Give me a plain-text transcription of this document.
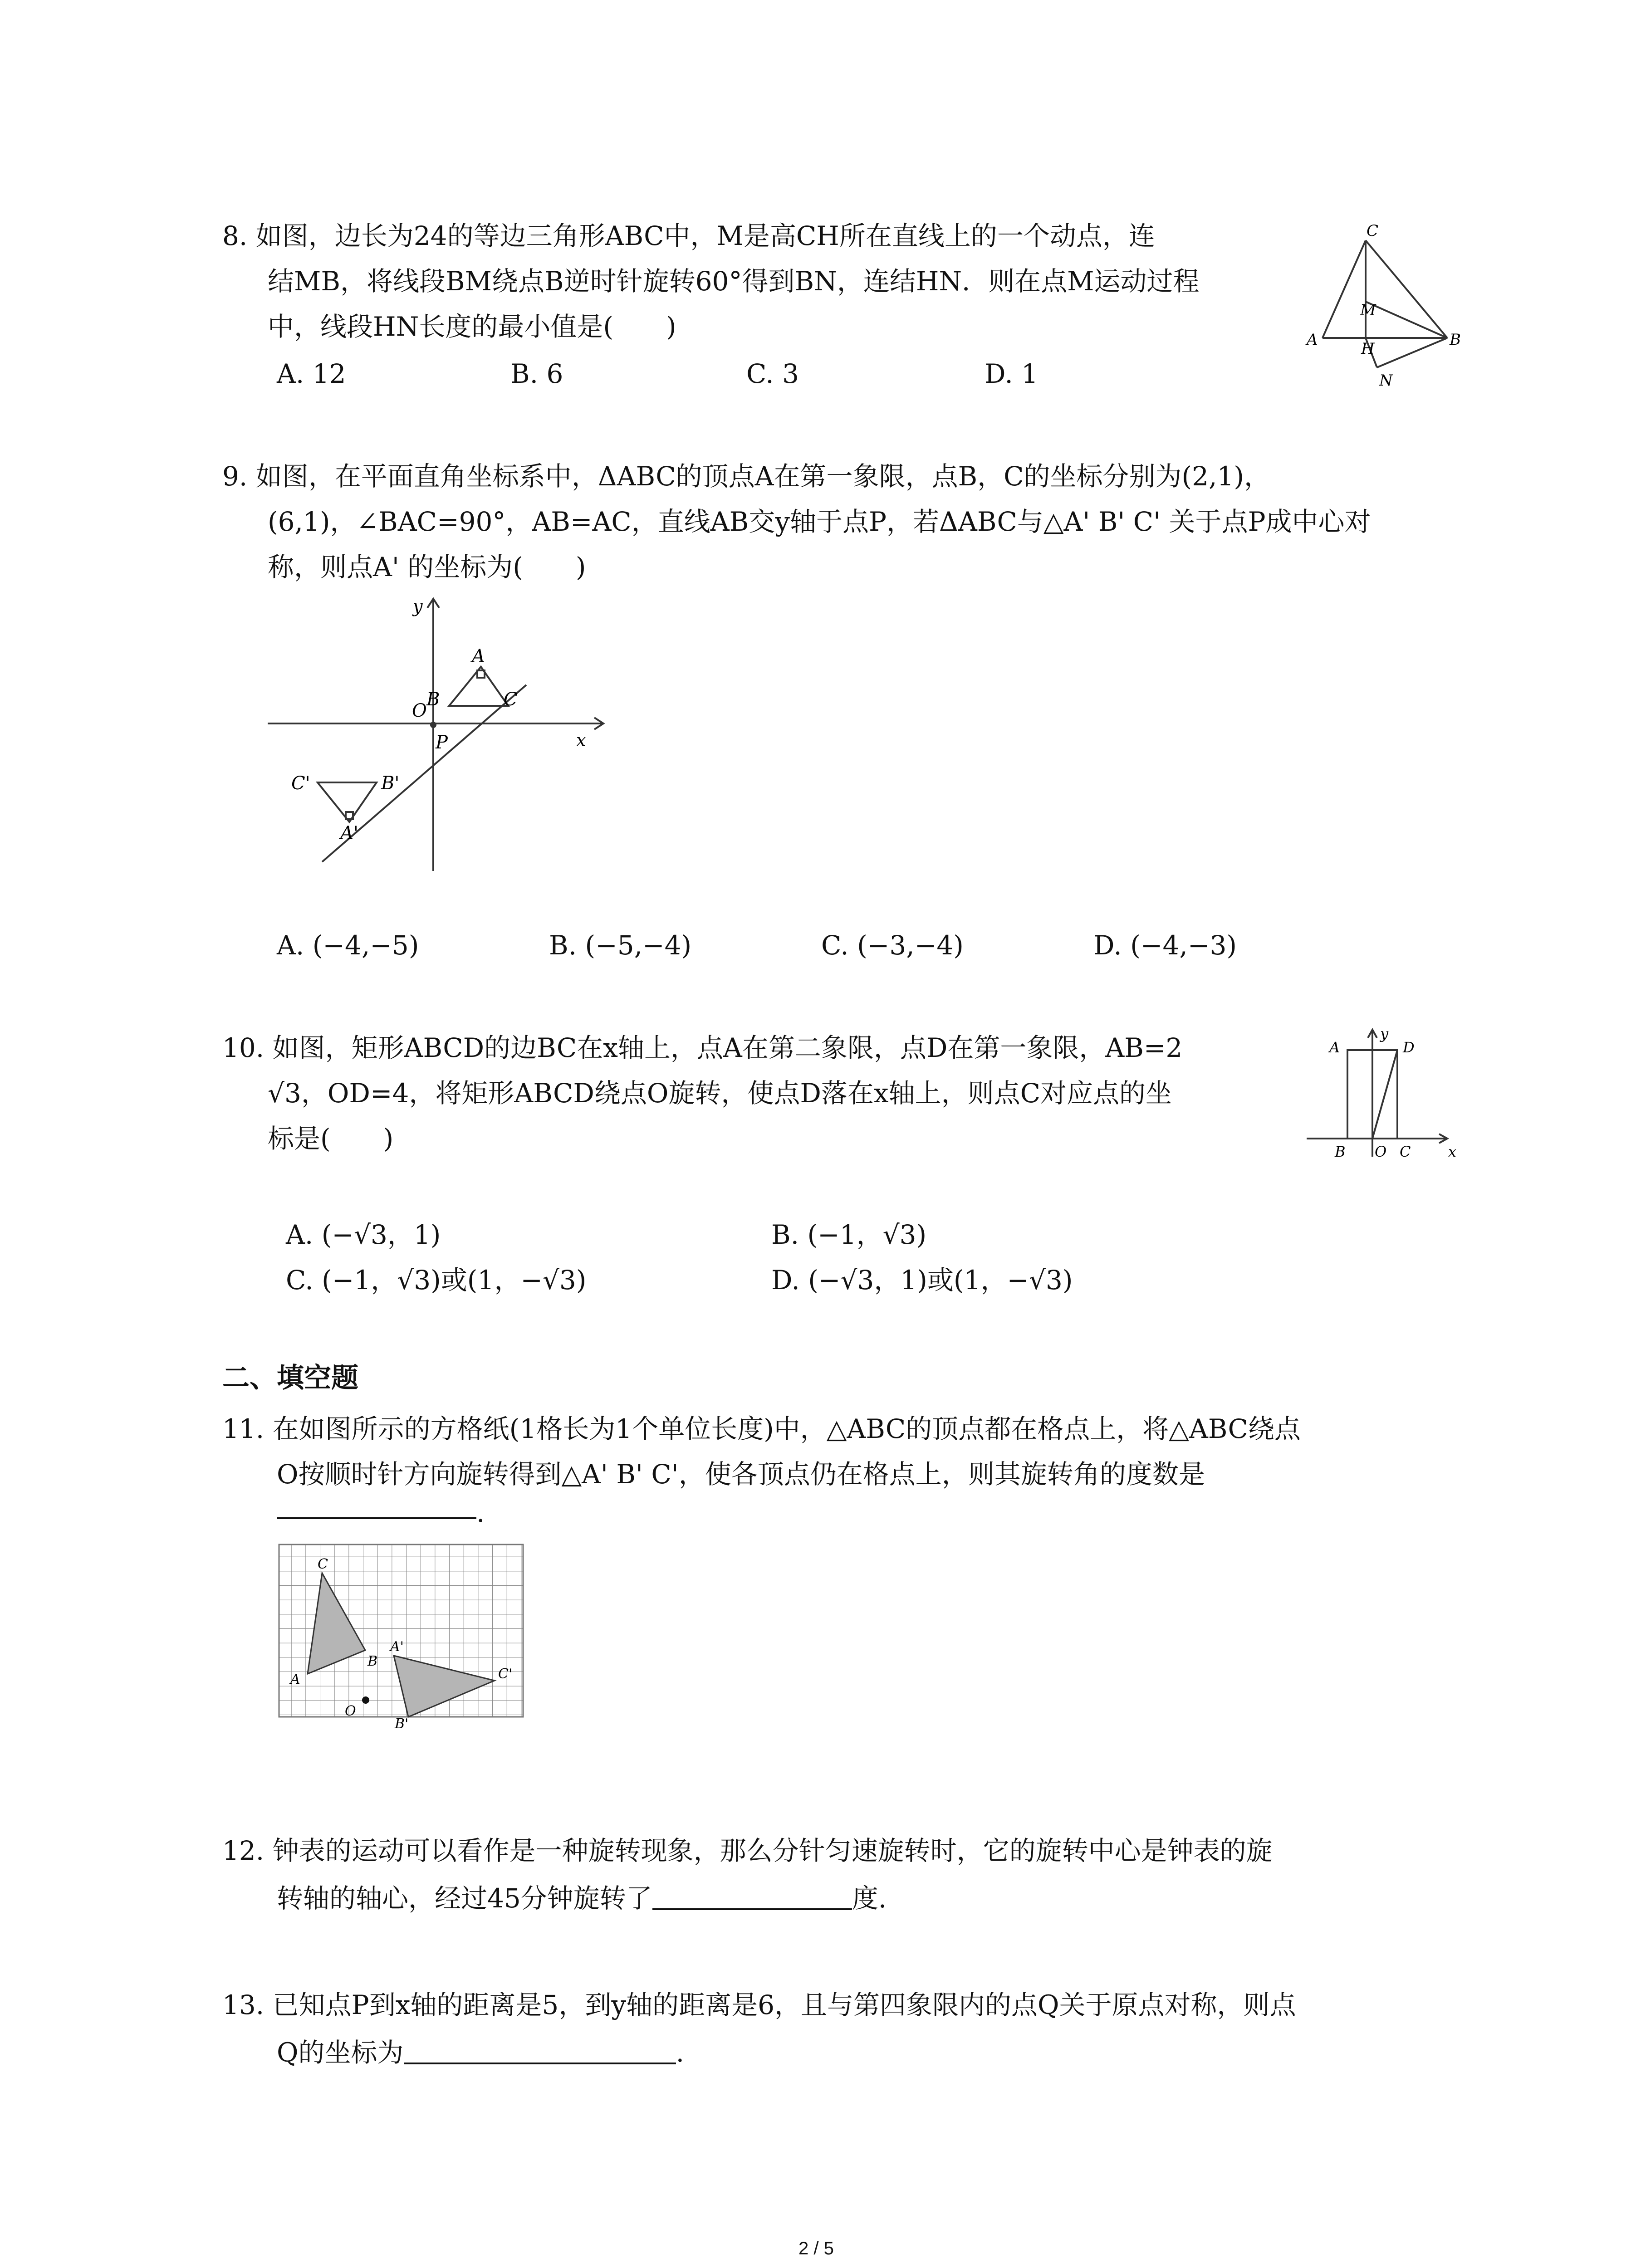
8. 如图，边长为24的等边三角形ABC中，M是高CH所在直线上的一个动点，连
结MB，将线段BM绕点B逆时针旋转60°得到BN，连结HN．则在点M运动过程
中，线段HN长度的最小值是(　　)
A. 12	B. 6	C. 3	D. 1
C
M
A	H	B
N
9. 如图，在平面直角坐标系中，ΔABC的顶点A在第一象限，点B，C的坐标分别为(2,1)，
(6,1)，∠BAC=90°，AB=AC，直线AB交y轴于点P，若ΔABC与△A' B' C' 关于点P成中心对
称，则点A' 的坐标为(　　)
x
y
O
P
B	C
A
C'	B'
A'
A. (−4,−5)	B. (−5,−4)	C. (−3,−4)	D. (−4,−3)
10. 如图，矩形ABCD的边BC在x轴上，点A在第二象限，点D在第一象限，AB=2
√3，OD=4，将矩形ABCD绕点O旋转，使点D落在x轴上，则点C对应点的坐
标是(　　)
y
x
A	D
B O C
A. (−√3，1)	B. (−1，√3)
C. (−1，√3)或(1，−√3)	D. (−√3，1)或(1，−√3)
二、填空题
11. 在如图所示的方格纸(1格长为1个单位长度)中，△ABC的顶点都在格点上，将△ABC绕点
O按顺时针方向旋转得到△A' B' C'，使各顶点仍在格点上，则其旋转角的度数是
.
C
A
B
O
A'
B'
C'
12. 钟表的运动可以看作是一种旋转现象，那么分针匀速旋转时，它的旋转中心是钟表的旋
转轴的轴心，经过45分钟旋转了	度.
13. 已知点P到x轴的距离是5，到y轴的距离是6，且与第四象限内的点Q关于原点对称，则点
Q的坐标为	.
2 / 5
